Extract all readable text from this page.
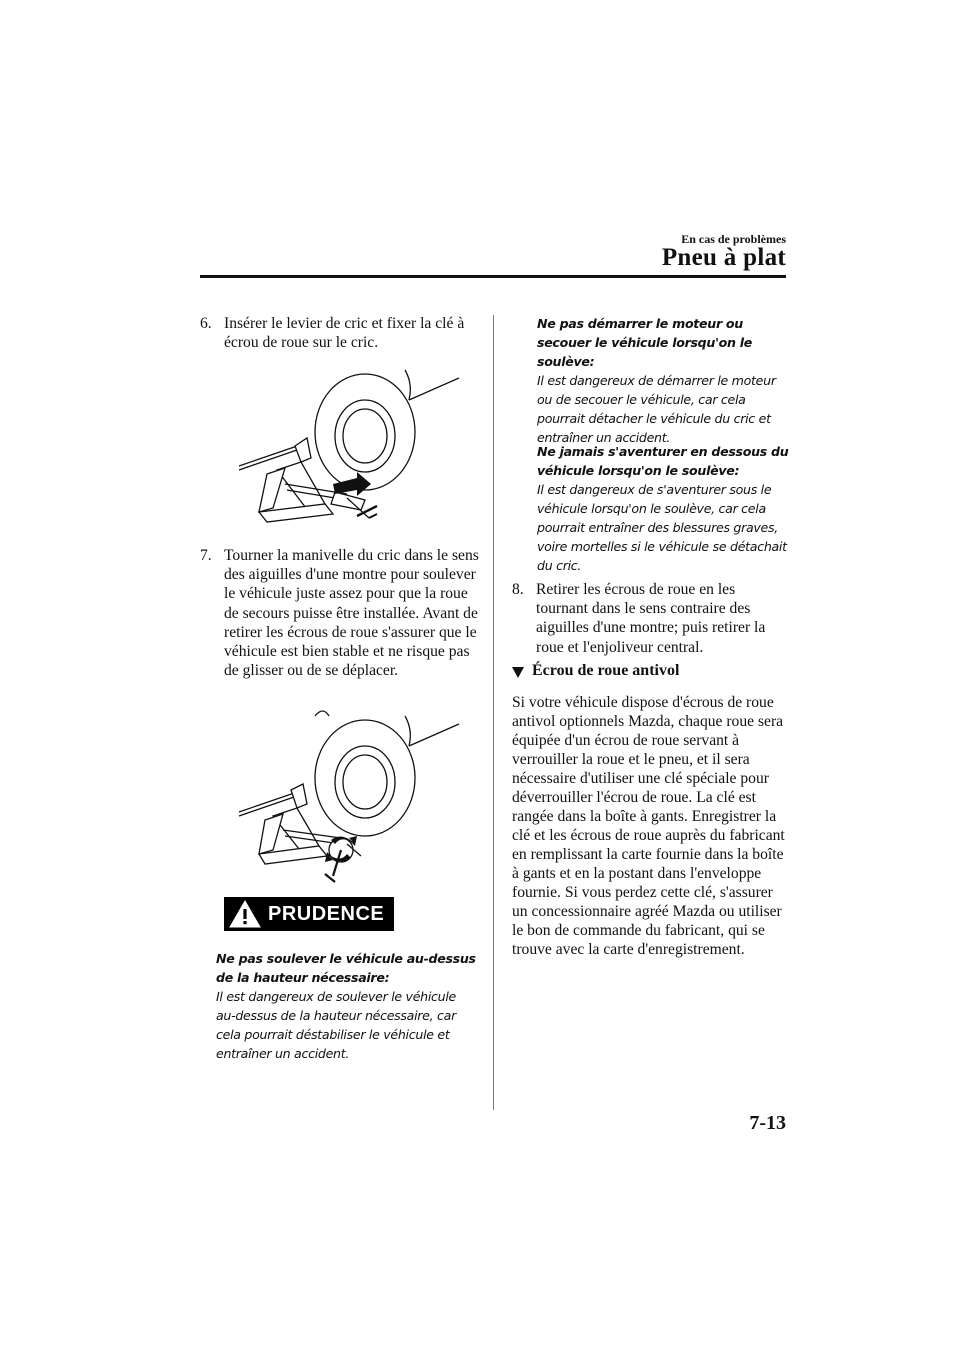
En cas de problèmes
Pneu à plat
6. Insérer le levier de cric et fixer la clé à écrou de roue sur le cric.
7. Tourner la manivelle du cric dans le sens des aiguilles d'une montre pour soulever le véhicule juste assez pour que la roue de secours puisse être installée. Avant de retirer les écrous de roue s'assurer que le véhicule est bien stable et ne risque pas de glisser ou de se déplacer.
PRUDENCE
Ne pas soulever le véhicule au-dessus de la hauteur nécessaire:
Il est dangereux de soulever le véhicule au-dessus de la hauteur nécessaire, car cela pourrait déstabiliser le véhicule et entraîner un accident.
Ne pas démarrer le moteur ou secouer le véhicule lorsqu'on le soulève:
Il est dangereux de démarrer le moteur ou de secouer le véhicule, car cela pourrait détacher le véhicule du cric et entraîner un accident.
Ne jamais s'aventurer en dessous du véhicule lorsqu'on le soulève:
Il est dangereux de s'aventurer sous le véhicule lorsqu'on le soulève, car cela pourrait entraîner des blessures graves, voire mortelles si le véhicule se détachait du cric.
8. Retirer les écrous de roue en les tournant dans le sens contraire des aiguilles d'une montre; puis retirer la roue et l'enjoliveur central.
Écrou de roue antivol
Si votre véhicule dispose d'écrous de roue antivol optionnels Mazda, chaque roue sera équipée d'un écrou de roue servant à verrouiller la roue et le pneu, et il sera nécessaire d'utiliser une clé spéciale pour déverrouiller l'écrou de roue. La clé est rangée dans la boîte à gants. Enregistrer la clé et les écrous de roue auprès du fabricant en remplissant la carte fournie dans la boîte à gants et en la postant dans l'enveloppe fournie. Si vous perdez cette clé, s'assurer un concessionnaire agréé Mazda ou utiliser le bon de commande du fabricant, qui se trouve avec la carte d'enregistrement.
7-13
